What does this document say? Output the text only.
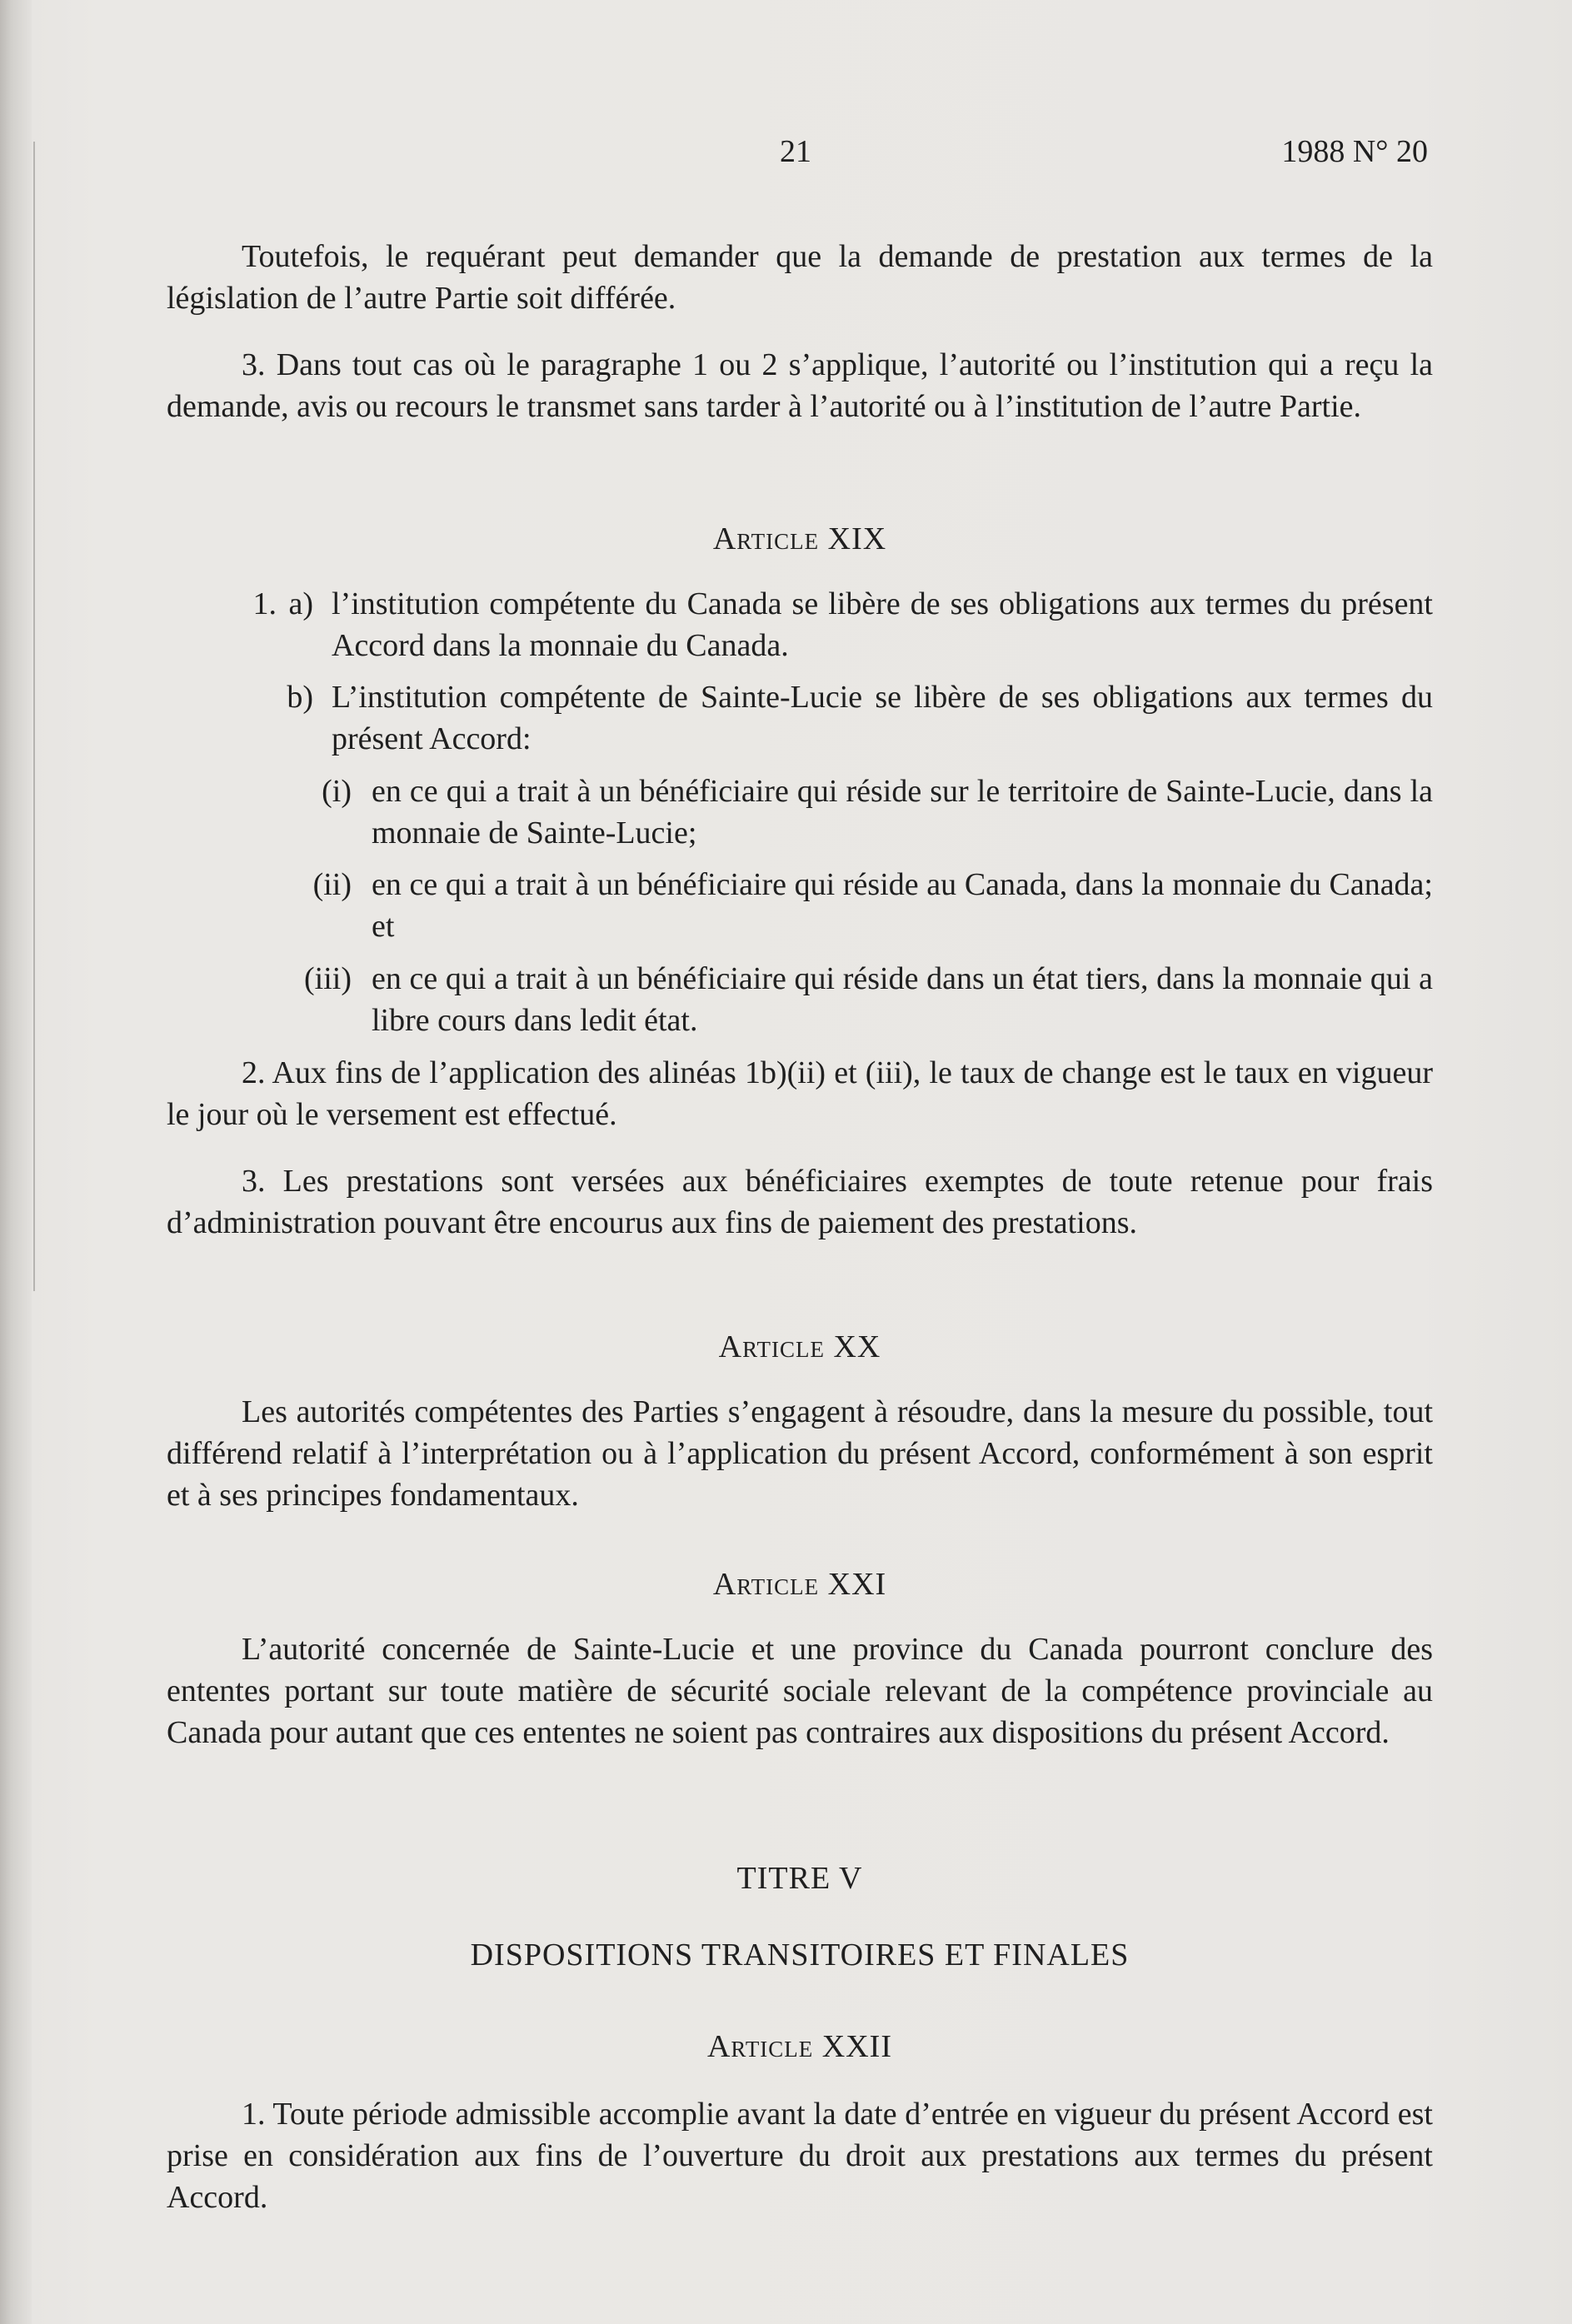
21	1988 N° 20
Toutefois, le requérant peut demander que la demande de prestation aux termes de la législation de l’autre Partie soit différée.
3. Dans tout cas où le paragraphe 1 ou 2 s’applique, l’autorité ou l’institution qui a reçu la demande, avis ou recours le transmet sans tarder à l’autorité ou à l’institution de l’autre Partie.
Article XIX
1. a) l’institution compétente du Canada se libère de ses obligations aux termes du présent Accord dans la monnaie du Canada.
b) L’institution compétente de Sainte-Lucie se libère de ses obligations aux termes du présent Accord:
(i) en ce qui a trait à un bénéficiaire qui réside sur le territoire de Sainte-Lucie, dans la monnaie de Sainte-Lucie;
(ii) en ce qui a trait à un bénéficiaire qui réside au Canada, dans la monnaie du Canada; et
(iii) en ce qui a trait à un bénéficiaire qui réside dans un état tiers, dans la monnaie qui a libre cours dans ledit état.
2. Aux fins de l’application des alinéas 1b)(ii) et (iii), le taux de change est le taux en vigueur le jour où le versement est effectué.
3. Les prestations sont versées aux bénéficiaires exemptes de toute retenue pour frais d’administration pouvant être encourus aux fins de paiement des prestations.
Article XX
Les autorités compétentes des Parties s’engagent à résoudre, dans la mesure du possible, tout différend relatif à l’interprétation ou à l’application du présent Accord, conformément à son esprit et à ses principes fondamentaux.
Article XXI
L’autorité concernée de Sainte-Lucie et une province du Canada pourront conclure des ententes portant sur toute matière de sécurité sociale relevant de la compétence provinciale au Canada pour autant que ces ententes ne soient pas contraires aux dispositions du présent Accord.
TITRE V
DISPOSITIONS TRANSITOIRES ET FINALES
Article XXII
1. Toute période admissible accomplie avant la date d’entrée en vigueur du présent Accord est prise en considération aux fins de l’ouverture du droit aux prestations aux termes du présent Accord.
